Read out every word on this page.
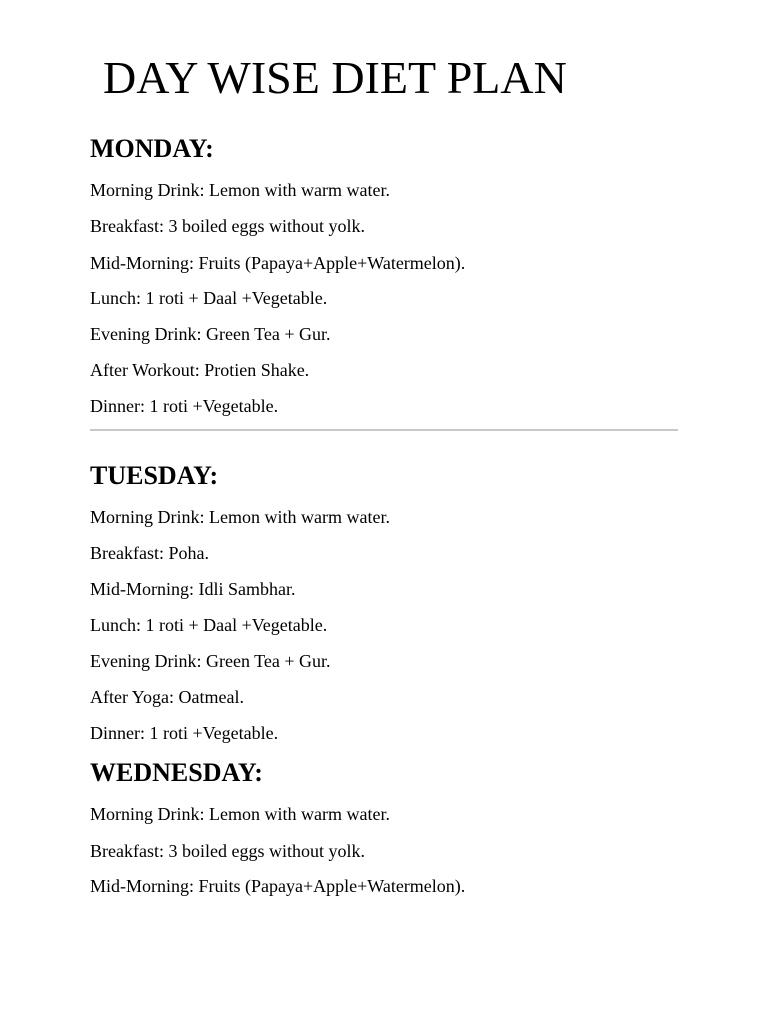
DAY WISE DIET PLAN
MONDAY:

Morning Drink: Lemon with warm water.

Breakfast: 3 boiled eggs without yolk.

Mid-Morning: Fruits (Papaya+Apple+Watermelon).

Lunch: 1 roti + Daal +Vegetable.

Evening Drink: Green Tea + Gur.

After Workout: Protien Shake.

Dinner: 1 roti +Vegetable.

TUESDAY:

Morning Drink: Lemon with warm water.

Breakfast: Poha.

Mid-Morning: Idli Sambhar.

Lunch: 1 roti + Daal +Vegetable.

Evening Drink: Green Tea + Gur.

After Yoga: Oatmeal.

Dinner: 1 roti +Vegetable.

WEDNESDAY:

Morning Drink: Lemon with warm water.

Breakfast: 3 boiled eggs without yolk.

Mid-Morning: Fruits (Papaya+Apple+Watermelon).
